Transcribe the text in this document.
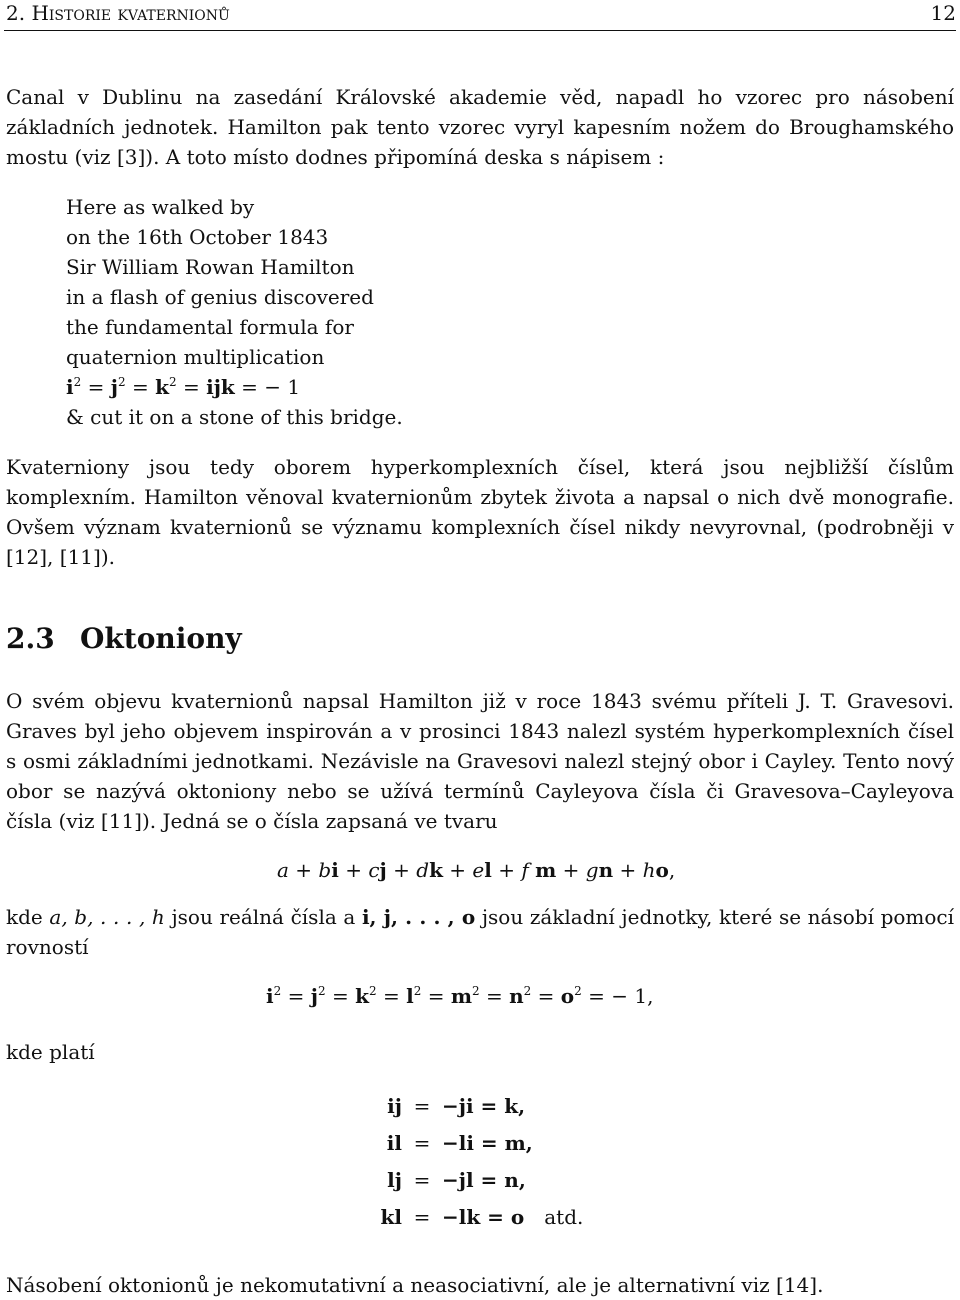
2. Historie kvaternionů	12
Canal v Dublinu na zasedání Královské akademie věd, napadl ho vzorec pro násobení základních jednotek. Hamilton pak tento vzorec vyryl kapesním nožem do Broughamského mostu (viz [3]). A toto místo dodnes připomíná deska s nápisem :
Here as walked by
on the 16th October 1843
Sir William Rowan Hamilton
in a flash of genius discovered
the fundamental formula for
quaternion multiplication
$i^2 = j^2 = k^2$ = ijk = − 1
& cut it on a stone of this bridge.
Kvaterniony jsou tedy oborem hyperkomplexních čísel, která jsou nejbližší číslům komplexním. Hamilton věnoval kvaternionům zbytek života a napsal o nich dvě monografie. Ovšem význam kvaternionů se významu komplexních čísel nikdy nevyrovnal, (podrobněji v [12], [11]).
2.3 Oktoniony
O svém objevu kvaternionů napsal Hamilton již v roce 1843 svému příteli J. T. Gravesovi. Graves byl jeho objevem inspirován a v prosinci 1843 nalezl systém hyperkomplexních čísel s osmi základními jednotkami. Nezávisle na Gravesovi nalezl stejný obor i Cayley. Tento nový obor se nazývá oktoniony nebo se užívá termínů Cayleyova čísla či Gravesova–Cayleyova čísla (viz [11]). Jedná se o čísla zapsaná ve tvaru
a + bi + cj + dk + el + f m + gn + ho,
kde a, b, . . . , h jsou reálná čísla a i, j, . . . , o jsou základní jednotky, které se násobí pomocí rovností
$i^2 = j^2 = k^2 = l^2 = m^2 = n^2 = o^2$ = − 1,
kde platí
ij = −ji = k,
il = −li = m,
lj = −jl = n,
kl = −lk = o atd.
Násobení oktonionů je nekomutativní a neasociativní, ale je alternativní viz [14].
